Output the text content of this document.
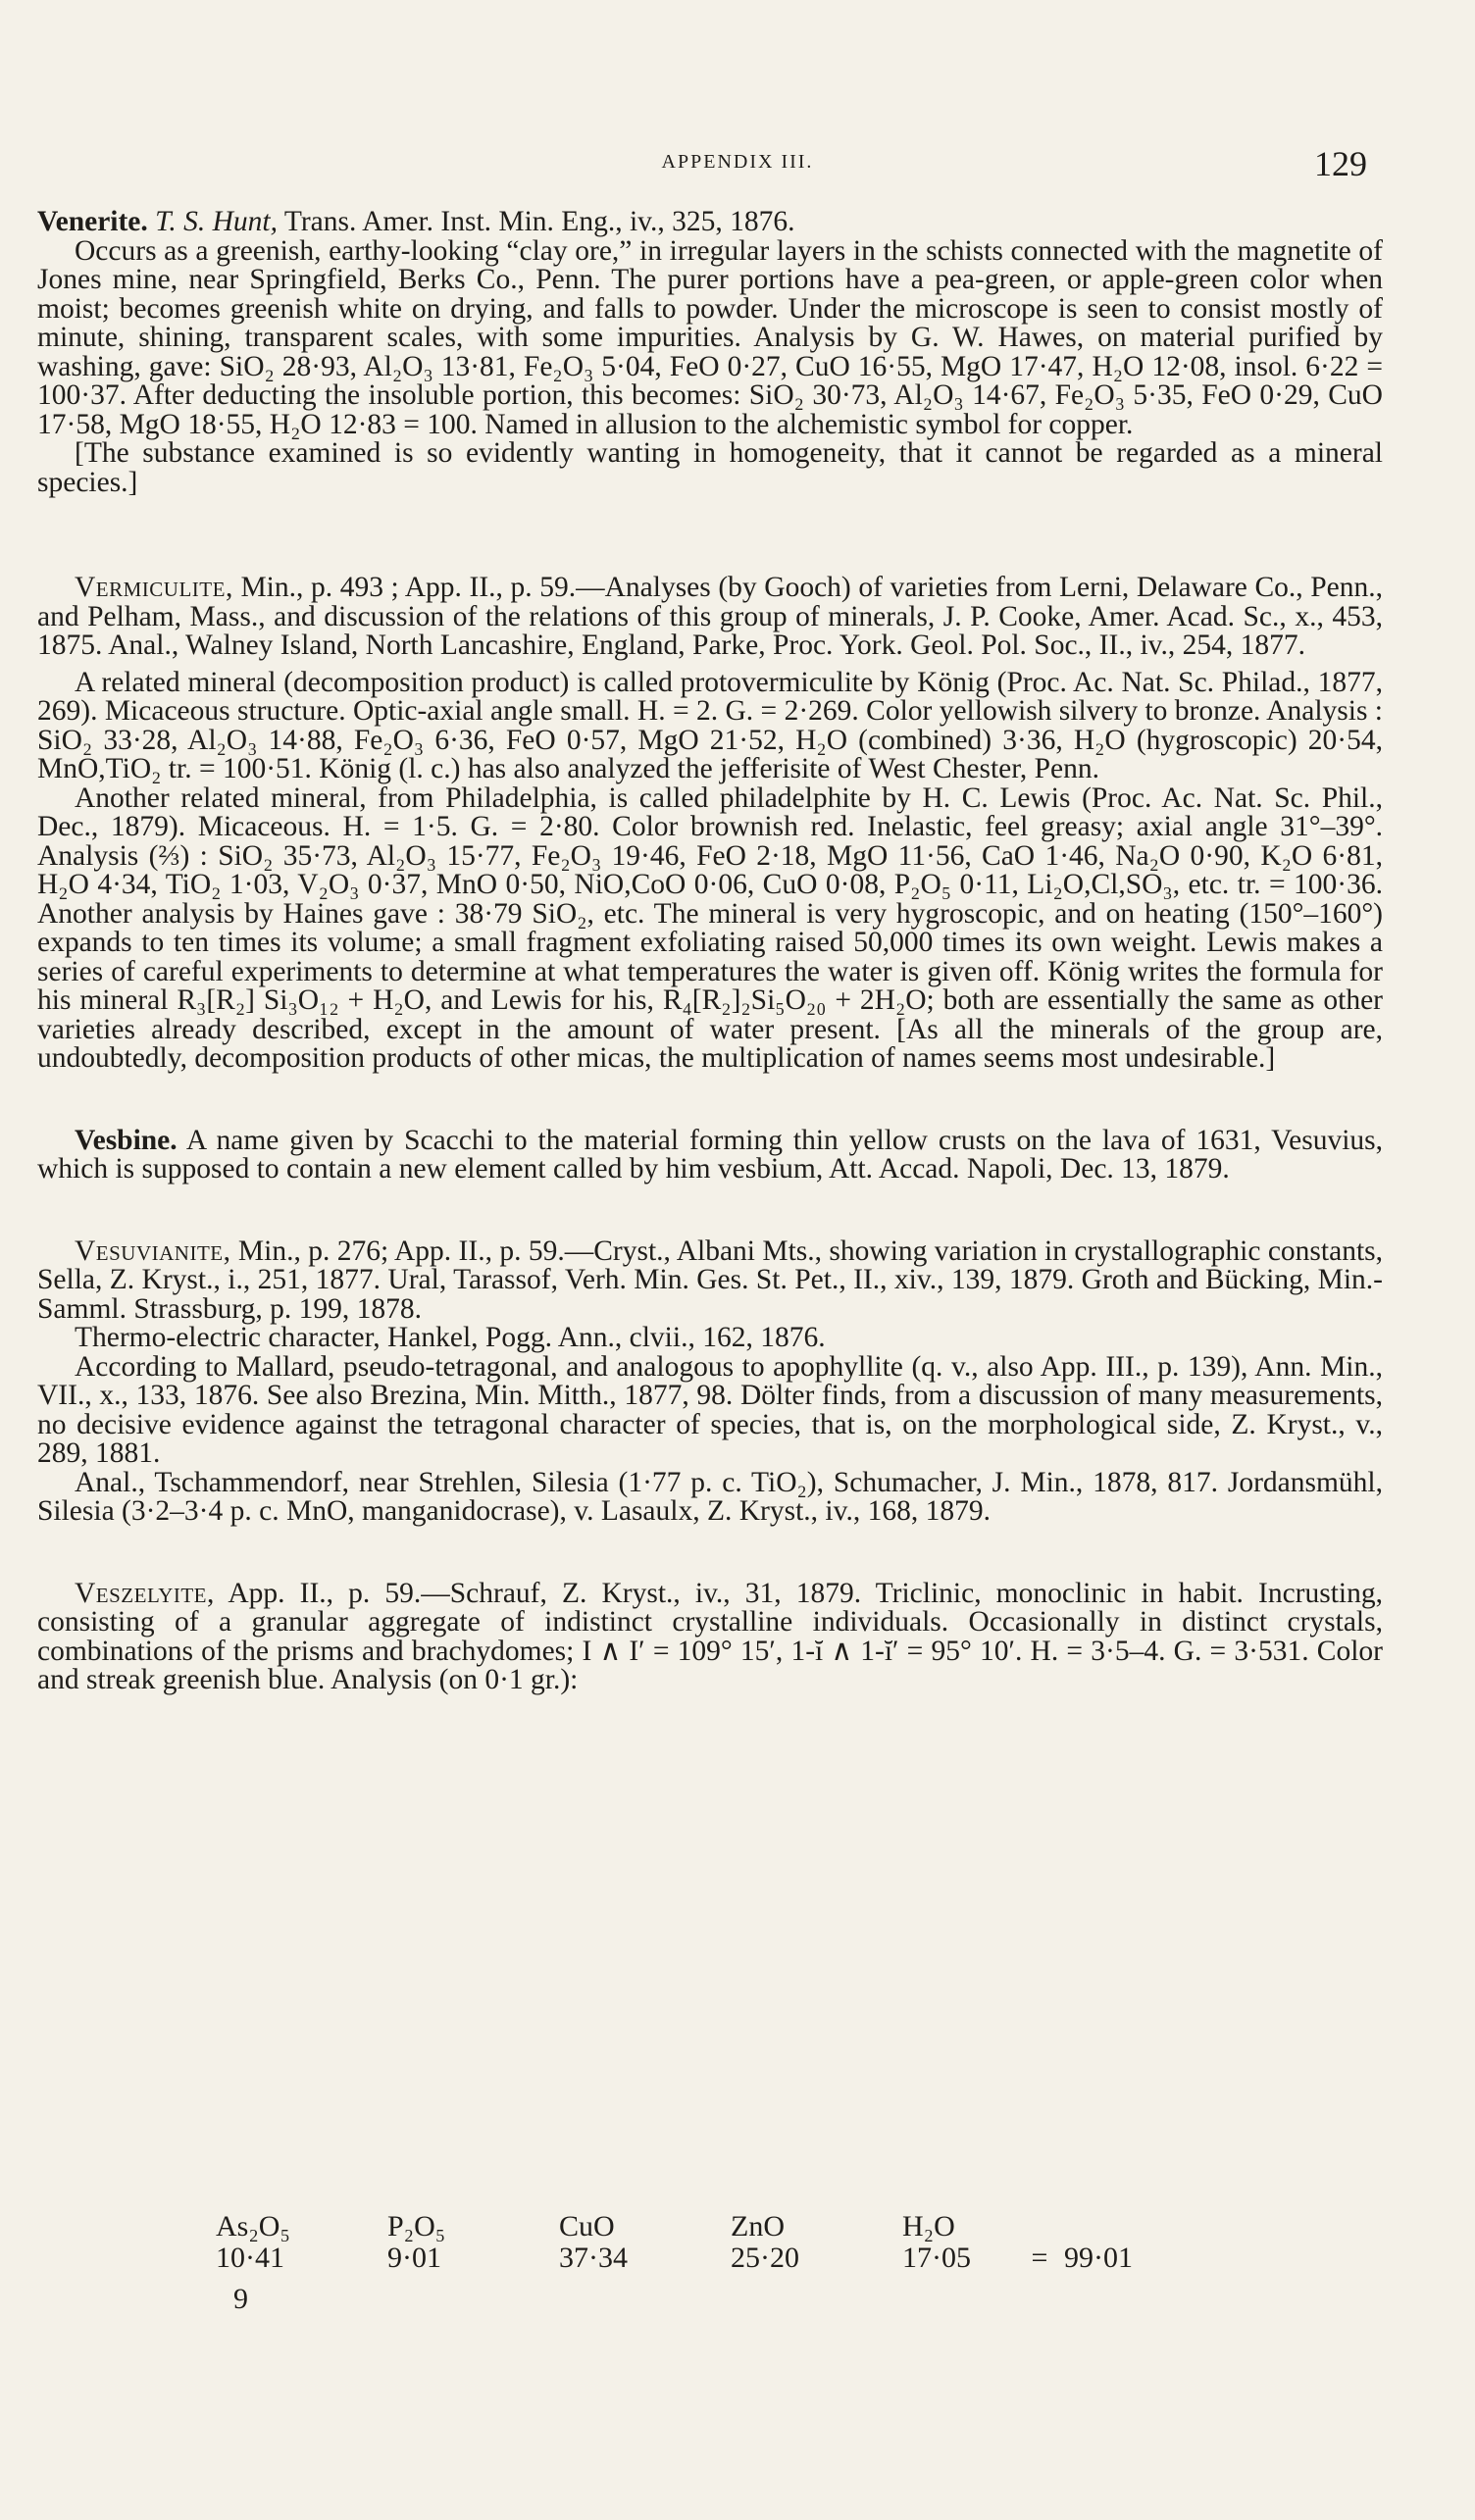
APPENDIX III.	129

Venerite. T. S. Hunt, Trans. Amer. Inst. Min. Eng., iv., 325, 1876.

Occurs as a greenish, earthy-looking “clay ore,” in irregular layers in the schists connected with the magnetite of Jones mine, near Springfield, Berks Co., Penn. The purer portions have a pea-green, or apple-green color when moist; becomes greenish white on drying, and falls to powder. Under the microscope is seen to consist mostly of minute, shining, transparent scales, with some impurities. Analysis by G. W. Hawes, on material purified by washing, gave: SiO₂ 28·93, Al₂O₃ 13·81, Fe₂O₃ 5·04, FeO 0·27, CuO 16·55, MgO 17·47, H₂O 12·08, insol. 6·22 = 100·37. After deducting the insoluble portion, this becomes: SiO₂ 30·73, Al₂O₃ 14·67, Fe₂O₃ 5·35, FeO 0·29, CuO 17·58, MgO 18·55, H₂O 12·83 = 100. Named in allusion to the alchemistic symbol for copper.

[The substance examined is so evidently wanting in homogeneity, that it cannot be regarded as a mineral species.]

Vermiculite, Min., p. 493 ; App. II., p. 59.—Analyses (by Gooch) of varieties from Lerni, Delaware Co., Penn., and Pelham, Mass., and discussion of the relations of this group of minerals, J. P. Cooke, Amer. Acad. Sc., x., 453, 1875. Anal., Walney Island, North Lancashire, England, Parke, Proc. York. Geol. Pol. Soc., II., iv., 254, 1877.

A related mineral (decomposition product) is called protovermiculite by König (Proc. Ac. Nat. Sc. Philad., 1877, 269). Micaceous structure. Optic-axial angle small. H. = 2. G. = 2·269. Color yellowish silvery to bronze. Analysis : SiO₂ 33·28, Al₂O₃ 14·88, Fe₂O₃ 6·36, FeO 0·57, MgO 21·52, H₂O (combined) 3·36, H₂O (hygroscopic) 20·54, MnO,TiO₂ tr. = 100·51. König (l. c.) has also analyzed the jefferisite of West Chester, Penn.

Another related mineral, from Philadelphia, is called philadelphite by H. C. Lewis (Proc. Ac. Nat. Sc. Phil., Dec., 1879). Micaceous. H. = 1·5. G. = 2·80. Color brownish red. Inelastic, feel greasy; axial angle 31°–39°. Analysis (⅔) : SiO₂ 35·73, Al₂O₃ 15·77, Fe₂O₃ 19·46, FeO 2·18, MgO 11·56, CaO 1·46, Na₂O 0·90, K₂O 6·81, H₂O 4·34, TiO₂ 1·03, V₂O₃ 0·37, MnO 0·50, NiO,CoO 0·06, CuO 0·08, P₂O₅ 0·11, Li₂O,Cl,SO₃, etc. tr. = 100·36. Another analysis by Haines gave : 38·79 SiO₂, etc. The mineral is very hygroscopic, and on heating (150°–160°) expands to ten times its volume; a small fragment exfoliating raised 50,000 times its own weight. Lewis makes a series of careful experiments to determine at what temperatures the water is given off. König writes the formula for his mineral R₃[R₂] Si₃O₁₂ + H₂O, and Lewis for his, R₄[R₂]₂Si₅O₂₀ + 2H₂O; both are essentially the same as other varieties already described, except in the amount of water present. [As all the minerals of the group are, undoubtedly, decomposition products of other micas, the multiplication of names seems most undesirable.]

Vesbine. A name given by Scacchi to the material forming thin yellow crusts on the lava of 1631, Vesuvius, which is supposed to contain a new element called by him vesbium, Att. Accad. Napoli, Dec. 13, 1879.

Vesuvianite, Min., p. 276; App. II., p. 59.—Cryst., Albani Mts., showing variation in crystallographic constants, Sella, Z. Kryst., i., 251, 1877. Ural, Tarassof, Verh. Min. Ges. St. Pet., II., xiv., 139, 1879. Groth and Bücking, Min.-Samml. Strassburg, p. 199, 1878.

Thermo-electric character, Hankel, Pogg. Ann., clvii., 162, 1876.

According to Mallard, pseudo-tetragonal, and analogous to apophyllite (q. v., also App. III., p. 139), Ann. Min., VII., x., 133, 1876. See also Brezina, Min. Mitth., 1877, 98. Dölter finds, from a discussion of many measurements, no decisive evidence against the tetragonal character of species, that is, on the morphological side, Z. Kryst., v., 289, 1881.

Anal., Tschammendorf, near Strehlen, Silesia (1·77 p. c. TiO₂), Schumacher, J. Min., 1878, 817. Jordansmühl, Silesia (3·2–3·4 p. c. MnO, manganidocrase), v. Lasaulx, Z. Kryst., iv., 168, 1879.

Veszelyite, App. II., p. 59.—Schrauf, Z. Kryst., iv., 31, 1879. Triclinic, monoclinic in habit. Incrusting, consisting of a granular aggregate of indistinct crystalline individuals. Occasionally in distinct crystals, combinations of the prisms and brachydomes; I ∧ I′ = 109° 15′, 1-ĭ ∧ 1-ĭ′ = 95° 10′. H. = 3·5–4. G. = 3·531. Color and streak greenish blue. Analysis (on 0·1 gr.):

As₂O₅	P₂O₅	CuO	ZnO	H₂O
10·41	9·01	37·34	25·20	17·05	= 99·01
9
